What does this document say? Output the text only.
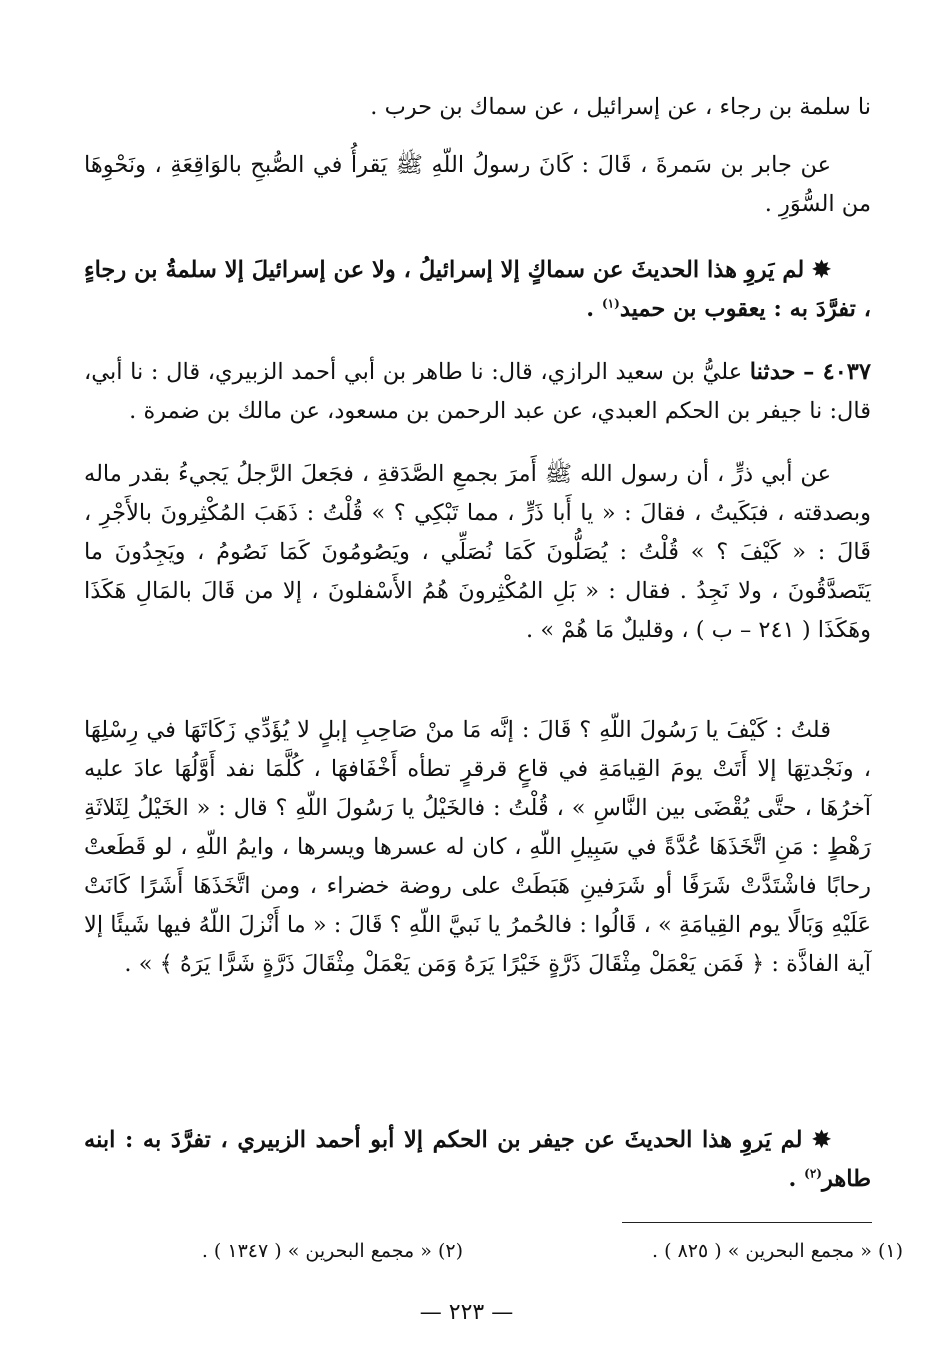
نا سلمة بن رجاء ، عن إسرائيل ، عن سماك بن حرب .

عن جابر بن سَمرةَ ، قَالَ : كَانَ رسولُ اللّهِ ﷺ يَقرأُ في الصُّبحِ بالوَاقِعَةِ ، ونَحْوِهَا من السُّوَرِ .

✸ لم يَروِ هذا الحديثَ عن سماكٍ إلا إسرائيلُ ، ولا عن إسرائيلَ إلا سلمةُ بن رجاءٍ ، تفرَّدَ به : يعقوب بن حميد$^{(١)}$ .

٤٠٣٧ – حدثنا عليُّ بن سعيد الرازي، قال: نا طاهر بن أبي أحمد الزبيري، قال : نا أبي، قال: نا جيفر بن الحكم العبدي، عن عبد الرحمن بن مسعود، عن مالك بن ضمرة .

عن أبي ذرٍّ ، أن رسول الله ﷺ أَمرَ بجمعِ الصَّدَقةِ ، فجَعلَ الرَّجلُ يَجيءُ بقدر ماله وبصدقته ، فبَكَيتُ ، فقالَ : « يا أَبا ذَرٍّ ، مما تَبْكِي ؟ » قُلْتُ : ذَهَبَ المُكْثِرونَ بالأَجْرِ ، قَالَ : « كَيْفَ ؟ » قُلْتُ : يُصَلُّونَ كَمَا نُصَلِّي ، ويَصُومُونَ كَمَا نَصُومُ ، ويَجِدُونَ ما يَتَصدَّقُونَ ، ولا نَجِدُ . فقال : « بَلِ المُكْثِرونَ هُمُ الأَسْفلونَ ، إلا من قَالَ بالمَالِ هَكَذَا وهَكَذَا ( ٢٤١ – ب ) ، وقليلٌ مَا هُمْ » .

قلتُ : كَيْفَ يا رَسُولَ اللّهِ ؟ قَالَ : إنَّه مَا منْ صَاحِبِ إبلٍ لا يُؤَدِّي زَكَاتَهَا في رِسْلِهَا ، ونَجْدتِهَا إلا أَتَتْ يومَ القِيامَةِ في قاعٍ قرقرٍ تطأه أَخْفَافهَا ، كُلَّمَا نفد أَوَّلُهَا عادَ عليه آخرُهَا ، حتَّى يُقْضَى بين النَّاسِ » ، قُلْتُ : فالخَيْلُ يا رَسُولَ اللّهِ ؟ قال : « الخَيْلُ لِثَلاثَةِ رَهْطٍ : مَنِ اتَّخَذَهَا عُدَّةً في سَبِيلِ اللّهِ ، كان له عسرها ويسرها ، وايمُ اللّهِ ، لو قَطَعتْ رحابًا فاشْتَدَّتْ شَرَفًا أو شَرَفينِ هَبَطَتْ على روضة خضراء ، ومن اتَّخَذَهَا أَشَرًا كَانَتْ عَلَيْهِ وَبَالًا يوم القِيامَةِ » ، قَالُوا : فالحُمرُ يا نَبيَّ اللّهِ ؟ قَالَ : « ما أَنْزلَ اللّهُ فيها شَيئًا إلا آية الفاذَّة : ﴿ فَمَن يَعْمَلْ مِثْقَالَ ذَرَّةٍ خَيْرًا يَرَهُ وَمَن يَعْمَلْ مِثْقَالَ ذَرَّةٍ شَرًّا يَرَهُ ﴾ » .

✸ لم يَروِ هذا الحديثَ عن جيفر بن الحكم إلا أبو أحمد الزبيري ، تفرَّدَ به : ابنه طاهر$^{(٢)}$ .

(١) « مجمع البحرين » ( ٨٢٥ ) .
(٢) « مجمع البحرين » ( ١٣٤٧ ) .
— ٢٢٣ —
